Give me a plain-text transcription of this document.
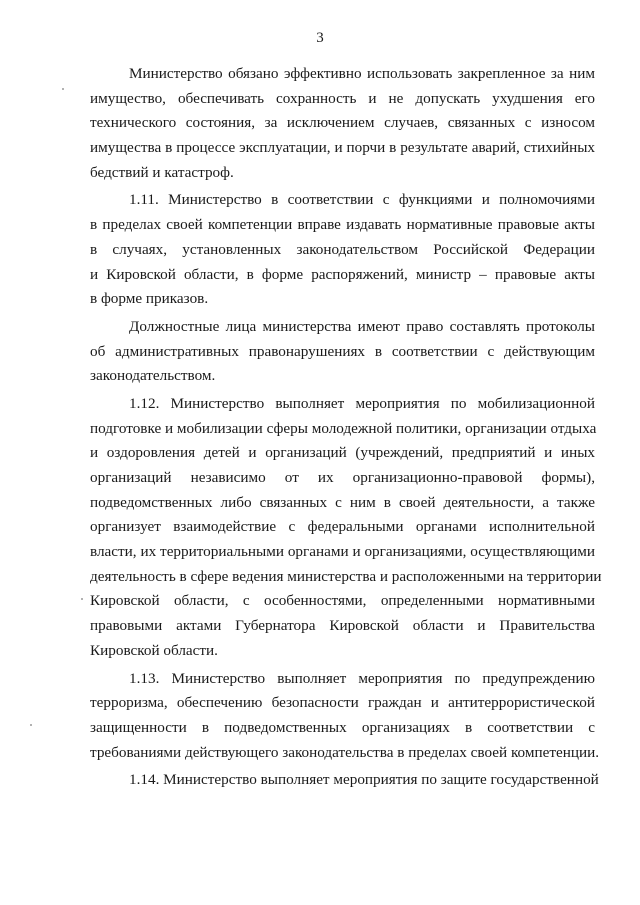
3
Министерство обязано эффективно использовать закрепленное за ним
имущество, обеспечивать сохранность и не допускать ухудшения его
технического состояния, за исключением случаев, связанных с износом
имущества в процессе эксплуатации, и порчи в результате аварий, стихийных
бедствий и катастроф.
1.11. Министерство в соответствии с функциями и полномочиями
в пределах своей компетенции вправе издавать нормативные правовые акты
в случаях, установленных законодательством Российской Федерации
и Кировской области, в форме распоряжений, министр – правовые акты
в форме приказов.
Должностные лица министерства имеют право составлять протоколы
об административных правонарушениях в соответствии с действующим
законодательством.
1.12. Министерство выполняет мероприятия по мобилизационной
подготовке и мобилизации сферы молодежной политики, организации отдыха
и оздоровления детей и организаций (учреждений, предприятий и иных
организаций независимо от их организационно-правовой формы),
подведомственных либо связанных с ним в своей деятельности, а также
организует взаимодействие с федеральными органами исполнительной
власти, их территориальными органами и организациями, осуществляющими
деятельность в сфере ведения министерства и расположенными на территории
Кировской области, с особенностями, определенными нормативными
правовыми актами Губернатора Кировской области и Правительства
Кировской области.
1.13. Министерство выполняет мероприятия по предупреждению
терроризма, обеспечению безопасности граждан и антитеррористической
защищенности в подведомственных организациях в соответствии с
требованиями действующего законодательства в пределах своей компетенции.
1.14. Министерство выполняет мероприятия по защите государственной
